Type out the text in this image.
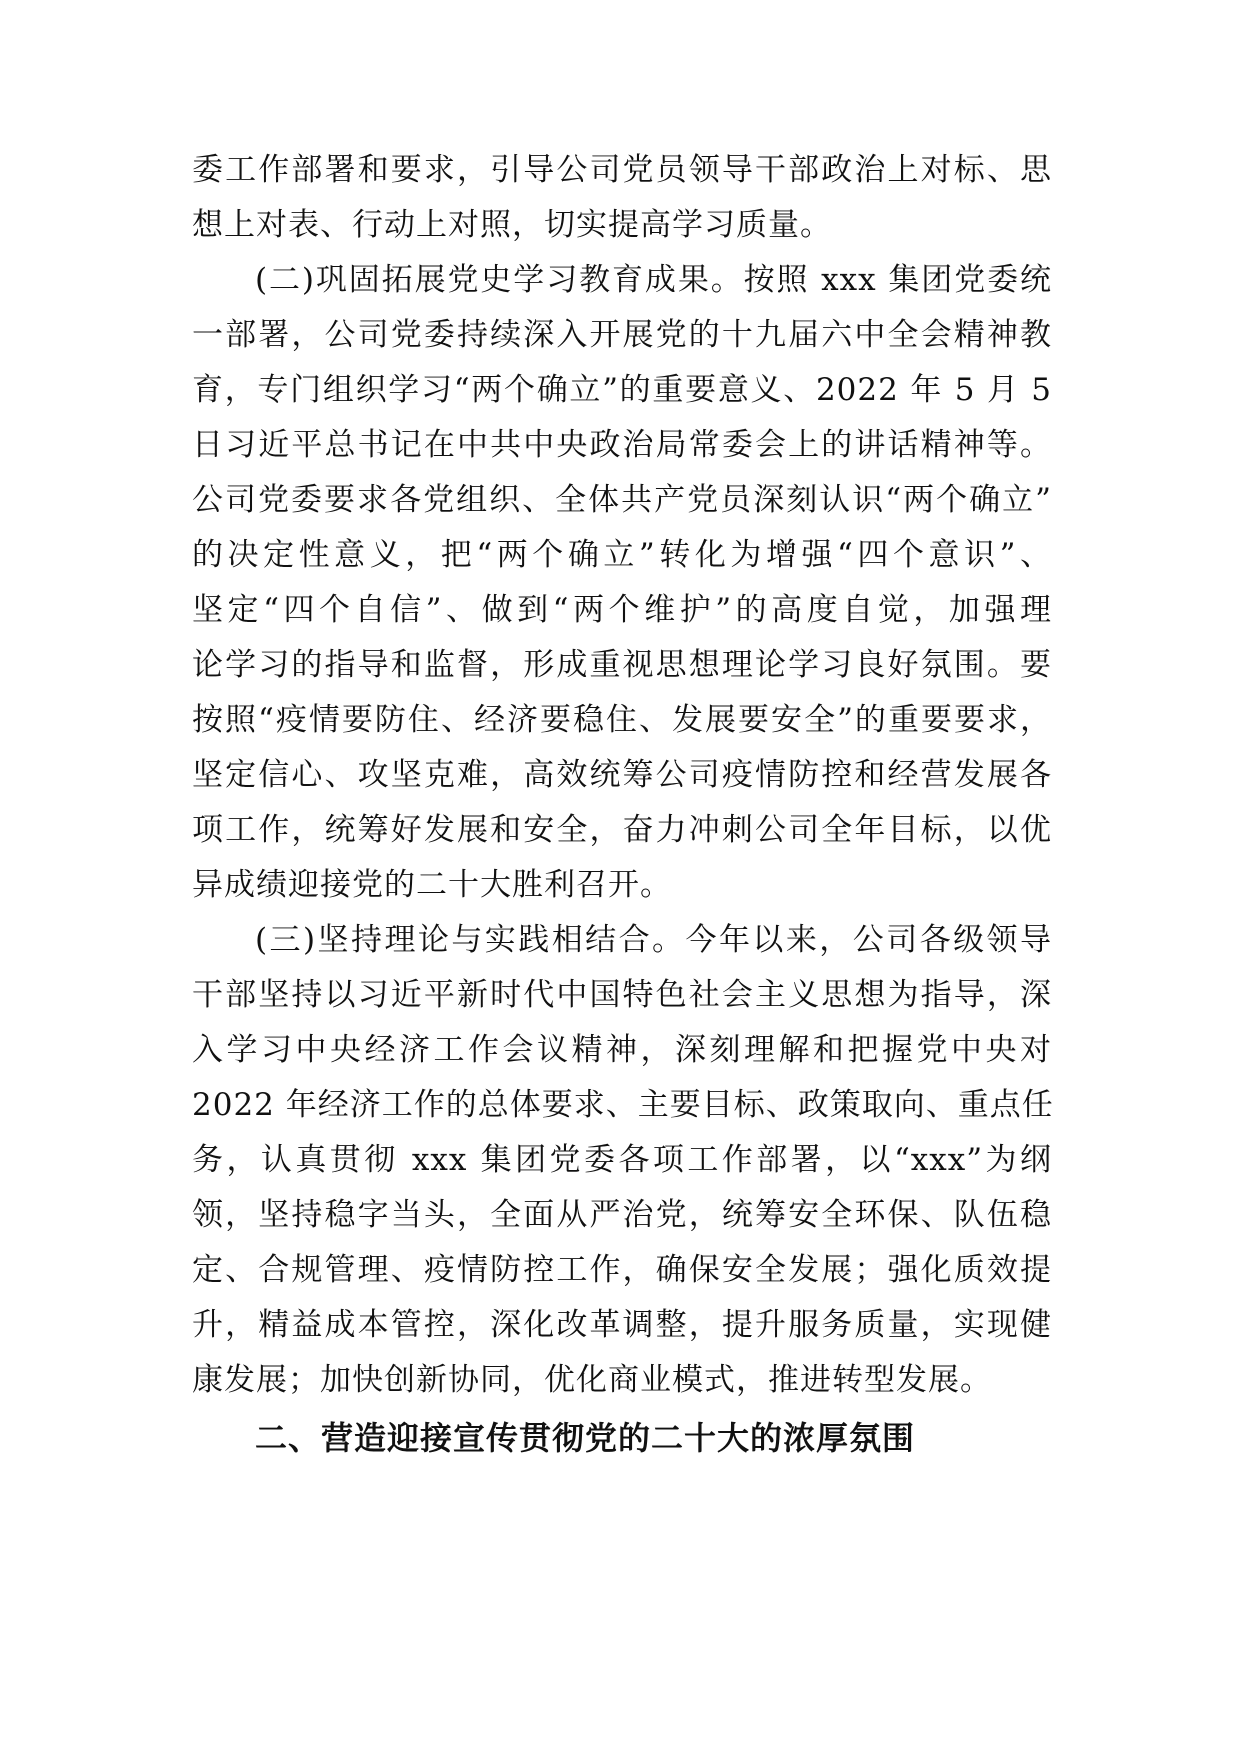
委工作部署和要求，引导公司党员领导干部政治上对标、思
想上对表、行动上对照，切实提高学习质量。
(二)巩固拓展党史学习教育成果。按照 xxx 集团党委统
一部署，公司党委持续深入开展党的十九届六中全会精神教
育，专门组织学习“两个确立”的重要意义、2022 年 5 月 5
日习近平总书记在中共中央政治局常委会上的讲话精神等。
公司党委要求各党组织、全体共产党员深刻认识“两个确立”
的决定性意义，把“两个确立”转化为增强“四个意识”、
坚定“四个自信”、做到“两个维护”的高度自觉，加强理
论学习的指导和监督，形成重视思想理论学习良好氛围。要
按照“疫情要防住、经济要稳住、发展要安全”的重要要求，
坚定信心、攻坚克难，高效统筹公司疫情防控和经营发展各
项工作，统筹好发展和安全，奋力冲刺公司全年目标，以优
异成绩迎接党的二十大胜利召开。
(三)坚持理论与实践相结合。今年以来，公司各级领导
干部坚持以习近平新时代中国特色社会主义思想为指导，深
入学习中央经济工作会议精神，深刻理解和把握党中央对
2022 年经济工作的总体要求、主要目标、政策取向、重点任
务，认真贯彻 xxx 集团党委各项工作部署，以“xxx”为纲
领，坚持稳字当头，全面从严治党，统筹安全环保、队伍稳
定、合规管理、疫情防控工作，确保安全发展；强化质效提
升，精益成本管控，深化改革调整，提升服务质量，实现健
康发展；加快创新协同，优化商业模式，推进转型发展。
二、营造迎接宣传贯彻党的二十大的浓厚氛围
